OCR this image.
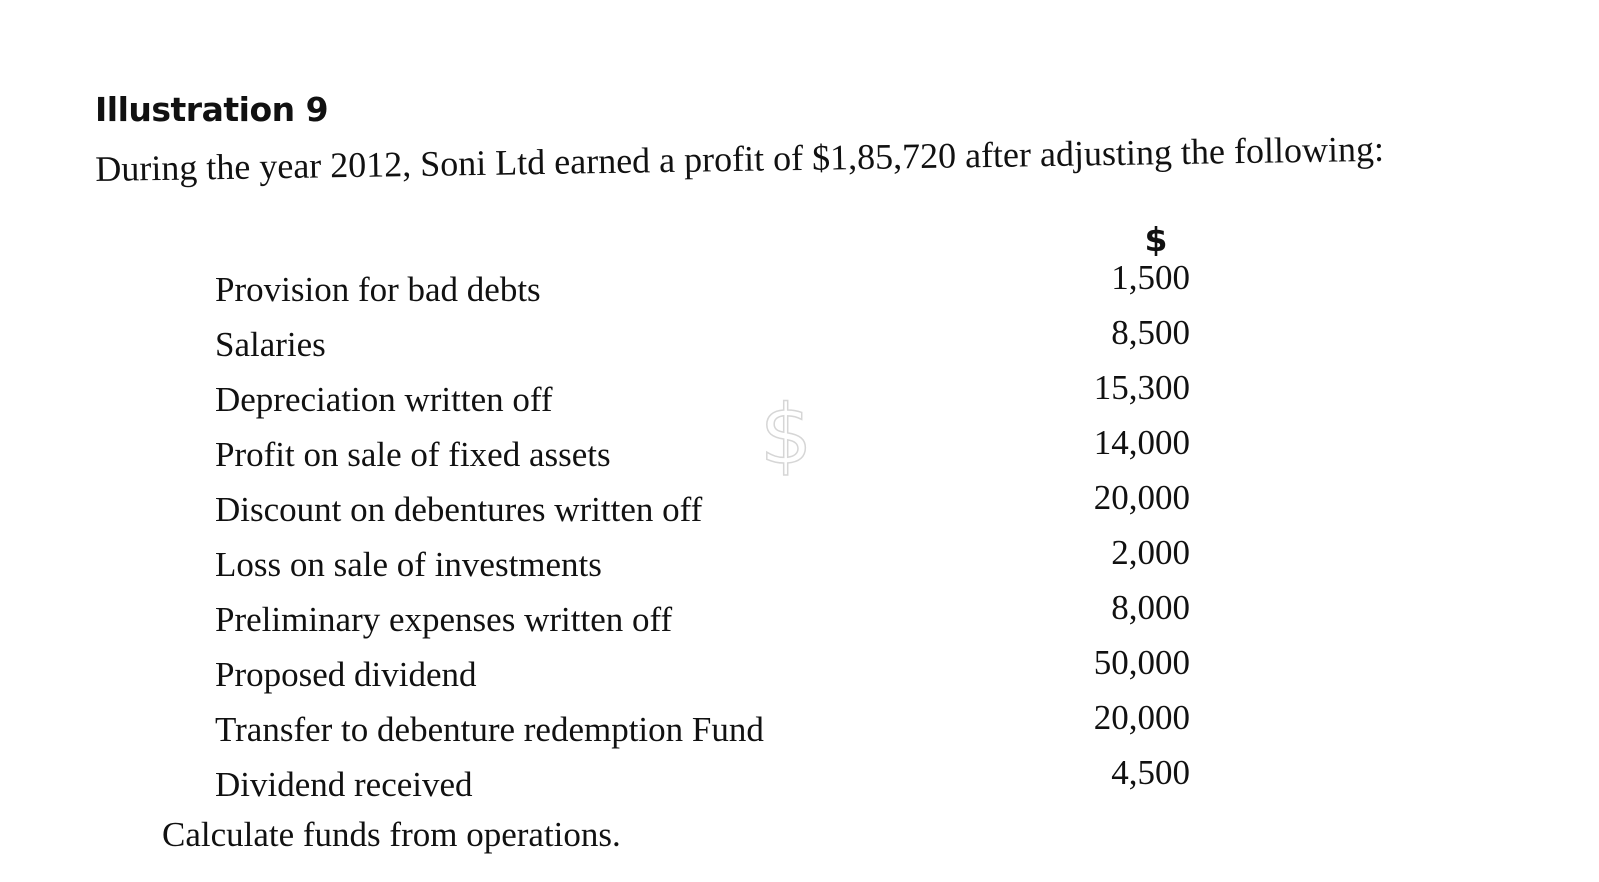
Illustration 9
During the year 2012, Soni Ltd earned a profit of $1,85,720 after adjusting the following:
$
$
Provision for bad debts	1,500
Salaries	8,500
Depreciation written off	15,300
Profit on sale of fixed assets	14,000
Discount on debentures written off	20,000
Loss on sale of investments	2,000
Preliminary expenses written off	8,000
Proposed dividend	50,000
Transfer to debenture redemption Fund	20,000
Dividend received	4,500
Calculate funds from operations.
